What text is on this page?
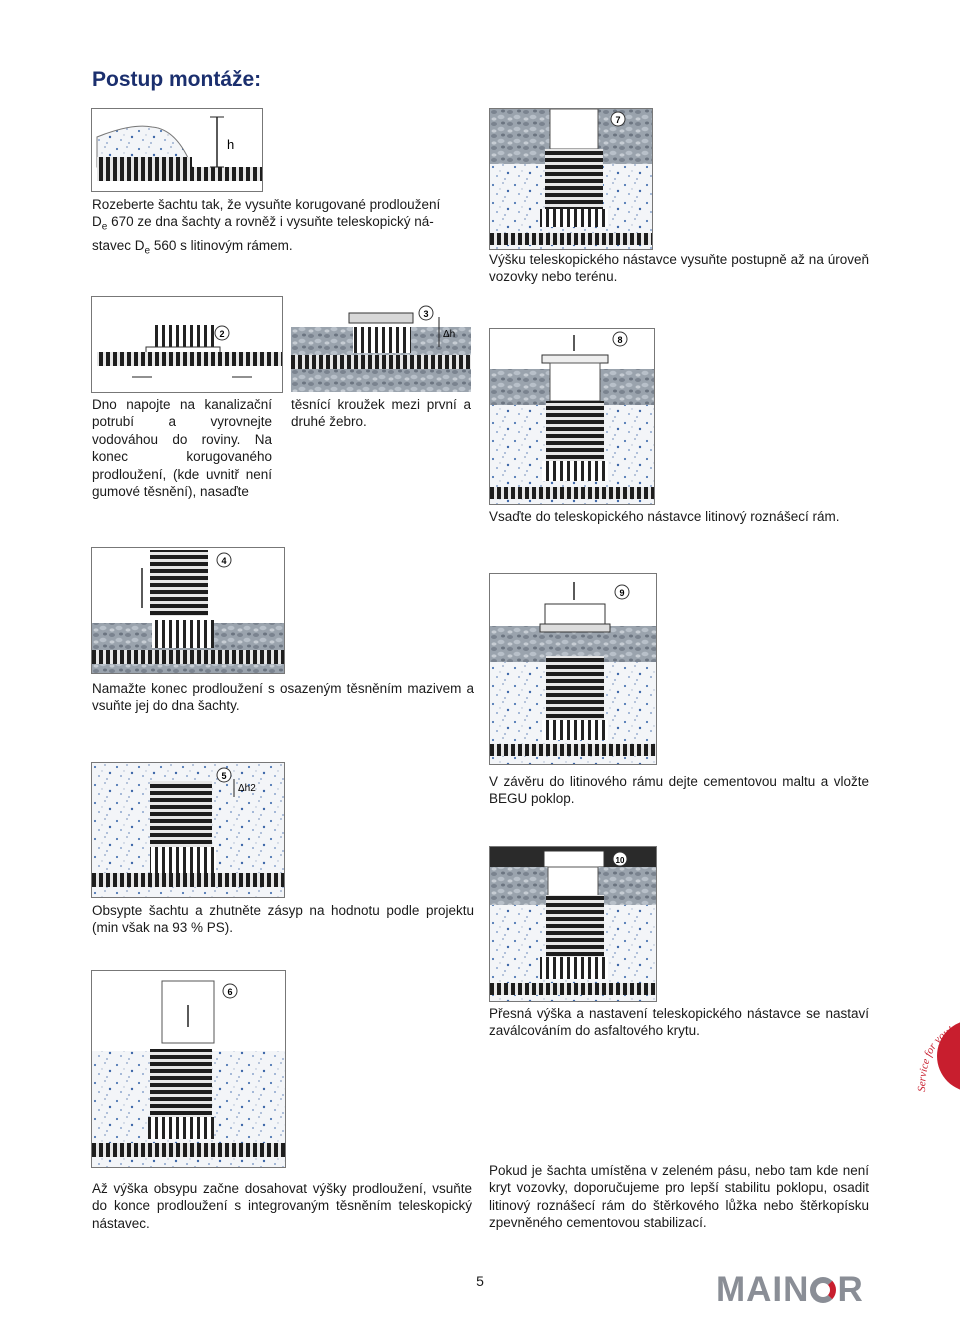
Postup montáže:
h
Rozeberte šachtu tak, že vysuňte korugované prodloužení
$D_e$ 670 ze dna šachty a rovněž i vysuňte teleskopický ná-
stavec $D_e$ 560 s litinovým rámem.
7
Výšku teleskopického nástavce vysuňte postupně až na úroveň vozovky nebo terénu.
2
3
Δh
Dno napojte na kanalizační potrubí a vyrovnejte vodováhou do roviny. Na konec korugovaného prodloužení, (kde uvnitř není gumové těsnění), nasaďte
těsnící kroužek mezi první a druhé žebro.
8
Vsaďte do teleskopického nástavce litinový roznášecí rám.
4
Namažte konec prodloužení s osazeným těsněním mazivem a vsuňte jej do dna šachty.
9
V závěru do litinového rámu dejte cementovou maltu a vložte BEGU poklop.
5
Δh2
Obsypte šachtu a zhutněte zásyp na hodnotu podle projektu (min však na 93 % PS).
10
Přesná výška a nastavení teleskopického nástavce se nastaví zaválcováním do asfaltového krytu.
6
Až výška obsypu začne dosahovat výšky prodloužení, vsuňte do konce prodloužení s integrovaným těsněním teleskopický nástavec.
Pokud je šachta umístěna v zeleném pásu, nebo tam kde není kryt vozovky, doporučujeme pro lepší stabilitu poklopu, osadit litinový roznášecí rám do štěrkového lůžka nebo štěrkopísku zpevněného cementovou stabilizací.
5	MAIN R
Service for you!
